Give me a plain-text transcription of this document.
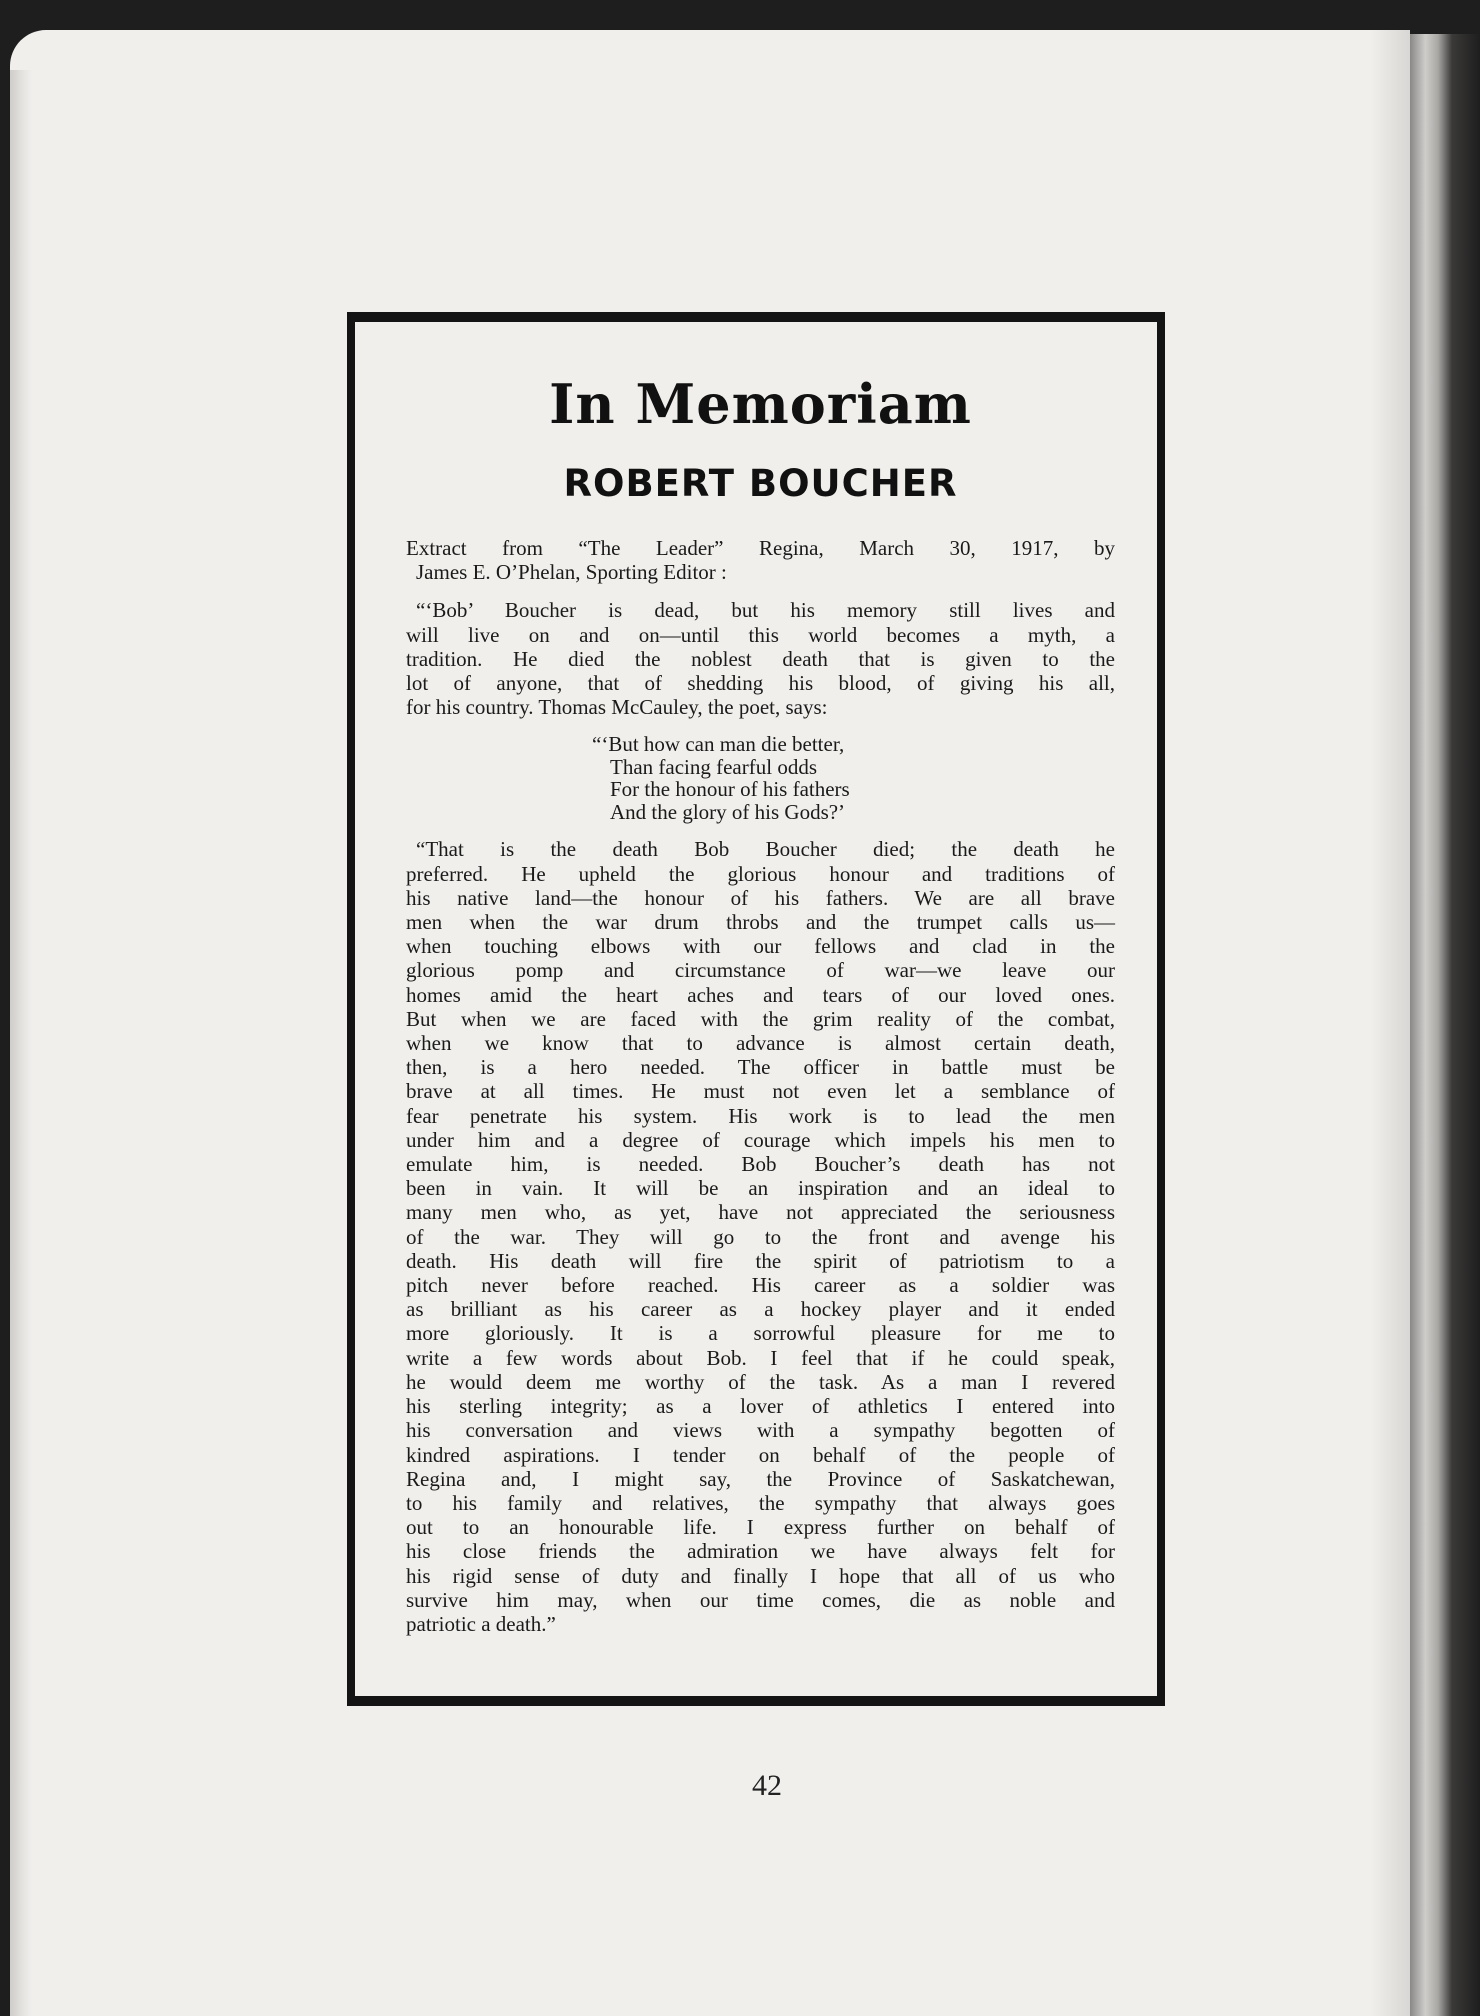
In Memoriam
ROBERT BOUCHER
Extract from “The Leader” Regina, March 30, 1917, by
James E. O’Phelan, Sporting Editor :
“‘Bob’ Boucher is dead, but his memory still lives and
will live on and on—until this world becomes a myth, a
tradition. He died the noblest death that is given to the
lot of anyone, that of shedding his blood, of giving his all,
for his country. Thomas McCauley, the poet, says:
“‘But how can man die better,
Than facing fearful odds
For the honour of his fathers
And the glory of his Gods?’
“That is the death Bob Boucher died; the death he
preferred. He upheld the glorious honour and traditions of
his native land—the honour of his fathers. We are all brave
men when the war drum throbs and the trumpet calls us—
when touching elbows with our fellows and clad in the
glorious pomp and circumstance of war—we leave our
homes amid the heart aches and tears of our loved ones.
But when we are faced with the grim reality of the combat,
when we know that to advance is almost certain death,
then, is a hero needed. The officer in battle must be
brave at all times. He must not even let a semblance of
fear penetrate his system. His work is to lead the men
under him and a degree of courage which impels his men to
emulate him, is needed. Bob Boucher’s death has not
been in vain. It will be an inspiration and an ideal to
many men who, as yet, have not appreciated the seriousness
of the war. They will go to the front and avenge his
death. His death will fire the spirit of patriotism to a
pitch never before reached. His career as a soldier was
as brilliant as his career as a hockey player and it ended
more gloriously. It is a sorrowful pleasure for me to
write a few words about Bob. I feel that if he could speak,
he would deem me worthy of the task. As a man I revered
his sterling integrity; as a lover of athletics I entered into
his conversation and views with a sympathy begotten of
kindred aspirations. I tender on behalf of the people of
Regina and, I might say, the Province of Saskatchewan,
to his family and relatives, the sympathy that always goes
out to an honourable life. I express further on behalf of
his close friends the admiration we have always felt for
his rigid sense of duty and finally I hope that all of us who
survive him may, when our time comes, die as noble and
patriotic a death.”

42
